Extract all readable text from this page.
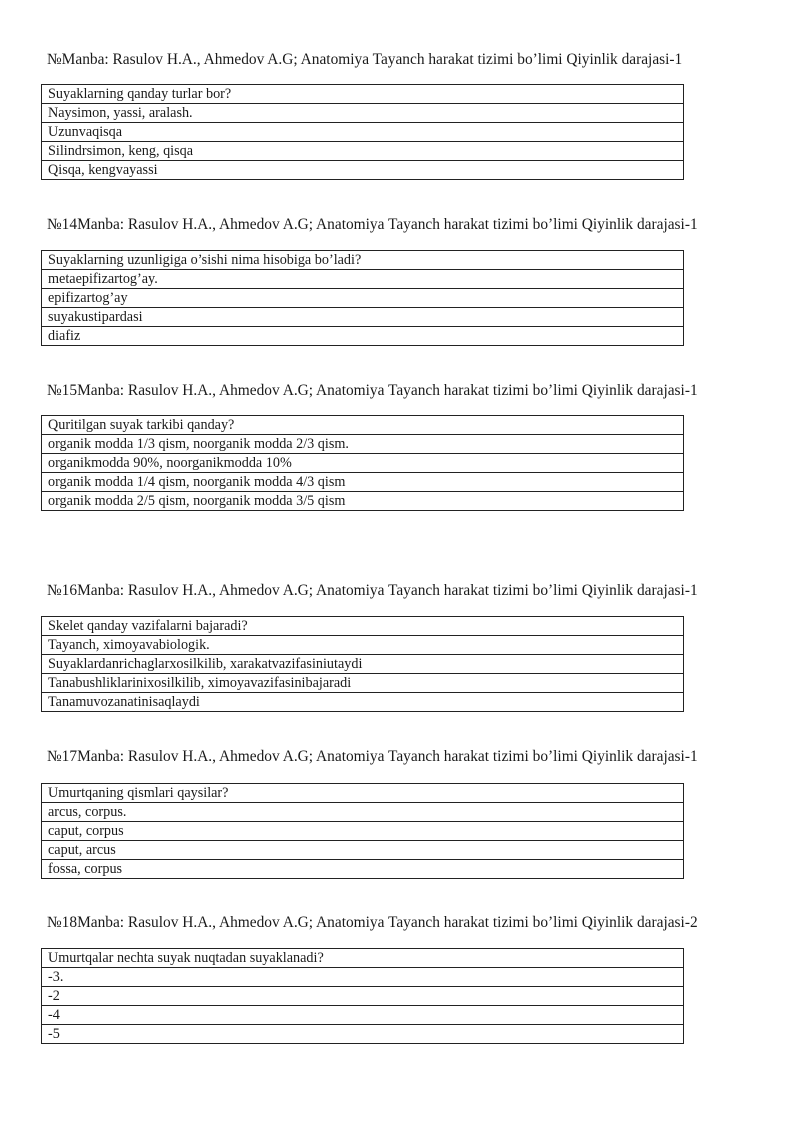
№Manba: Rasulov H.A., Ahmedov A.G; Anatomiya Tayanch harakat tizimi bo’limi Qiyinlik darajasi-1
Suyaklarning qanday turlar bor?
Naysimon, yassi, aralash.
Uzunvaqisqa
Silindrsimon, keng, qisqa
Qisqa, kengvayassi
№14Manba: Rasulov H.A., Ahmedov A.G; Anatomiya Tayanch harakat tizimi bo’limi Qiyinlik darajasi-1
Suyaklarning uzunligiga o’sishi nima hisobiga bo’ladi?
metaepifizartog’ay.
epifizartog’ay
suyakustipardasi
diafiz
№15Manba: Rasulov H.A., Ahmedov A.G; Anatomiya Tayanch harakat tizimi bo’limi Qiyinlik darajasi-1
Quritilgan suyak tarkibi qanday?
organik modda 1/3 qism, noorganik modda 2/3 qism.
organikmodda 90%, noorganikmodda 10%
organik modda 1/4 qism, noorganik modda 4/3 qism
organik modda 2/5 qism, noorganik modda 3/5 qism
№16Manba: Rasulov H.A., Ahmedov A.G; Anatomiya Tayanch harakat tizimi bo’limi Qiyinlik darajasi-1
Skelet qanday vazifalarni bajaradi?
Tayanch, ximoyavabiologik.
Suyaklardanrichaglarxosilkilib, xarakatvazifasiniutaydi
Tanabushliklarinixosilkilib, ximoyavazifasinibajaradi
Tanamuvozanatinisaqlaydi
№17Manba: Rasulov H.A., Ahmedov A.G; Anatomiya Tayanch harakat tizimi bo’limi Qiyinlik darajasi-1
Umurtqaning qismlari qaysilar?
arcus, corpus.
caput, corpus
caput, arcus
fossa, corpus
№18Manba: Rasulov H.A., Ahmedov A.G; Anatomiya Tayanch harakat tizimi bo’limi Qiyinlik darajasi-2
Umurtqalar nechta suyak nuqtadan suyaklanadi?
-3.
-2
-4
-5
